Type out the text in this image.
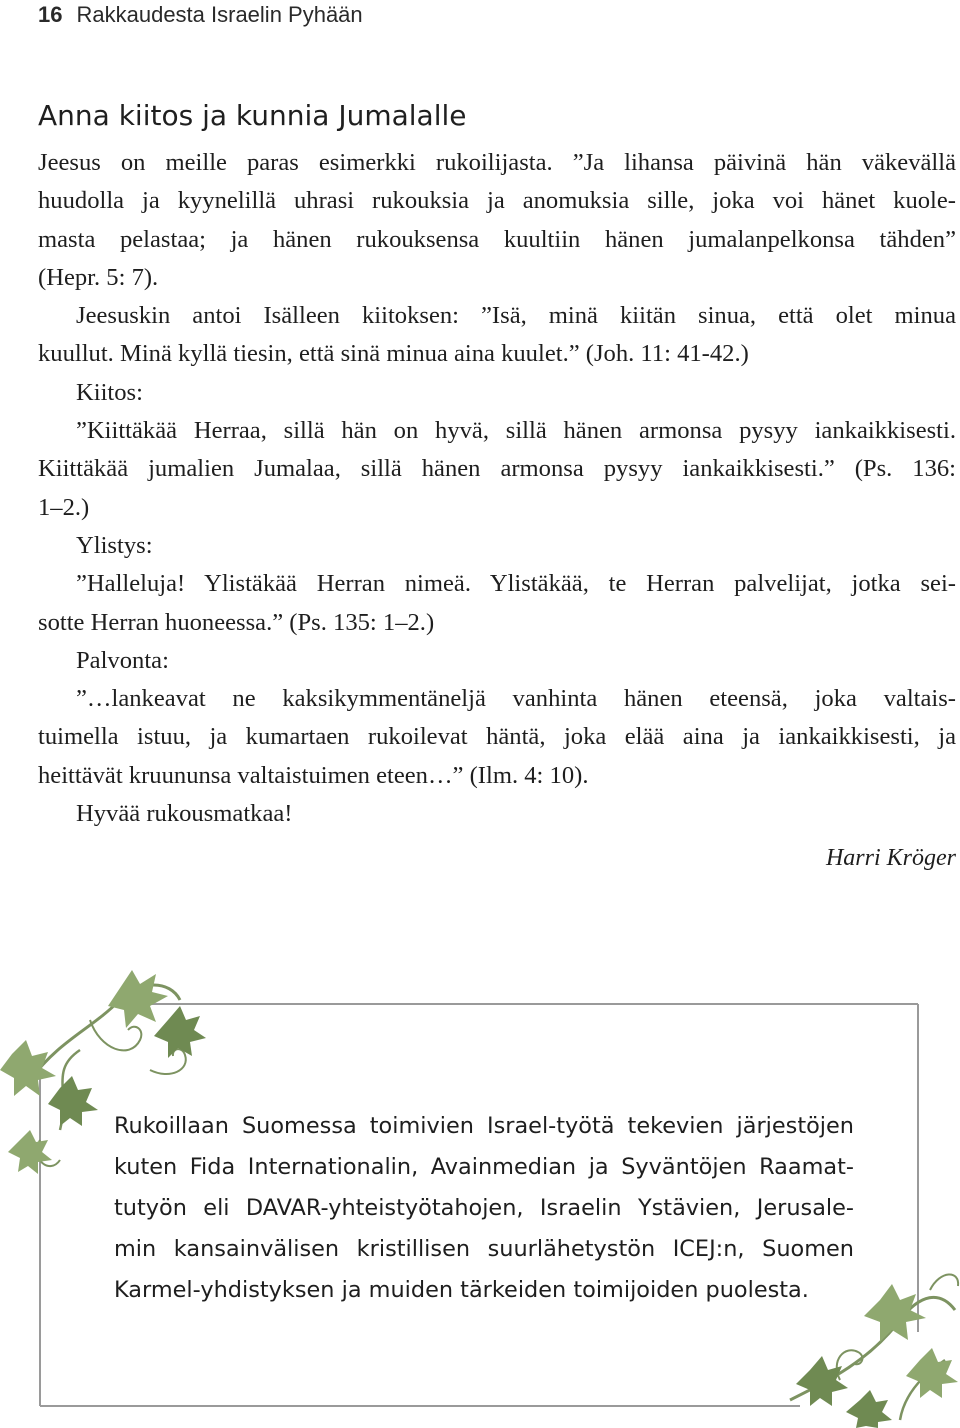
16 Rakkaudesta Israelin Pyhään
Anna kiitos ja kunnia Jumalalle
Jeesus on meille paras esimerkki rukoilijasta. ”Ja lihansa päivinä hän väkevällä
huudolla ja kyynelillä uhrasi rukouksia ja anomuksia sille, joka voi hänet kuole-
masta pelastaa; ja hänen rukouksensa kuultiin hänen jumalanpelkonsa tähden”
(Hepr. 5: 7).
Jeesuskin antoi Isälleen kiitoksen: ”Isä, minä kiitän sinua, että olet minua
kuullut. Minä kyllä tiesin, että sinä minua aina kuulet.” (Joh. 11: 41-42.)
Kiitos:
”Kiittäkää Herraa, sillä hän on hyvä, sillä hänen armonsa pysyy iankaikkisesti.
Kiittäkää jumalien Jumalaa, sillä hänen armonsa pysyy iankaikkisesti.” (Ps. 136:
1–2.)
Ylistys:
”Halleluja! Ylistäkää Herran nimeä. Ylistäkää, te Herran palvelijat, jotka sei-
sotte Herran huoneessa.” (Ps. 135: 1–2.)
Palvonta:
”…lankeavat ne kaksikymmentäneljä vanhinta hänen eteensä, joka valtais-
tuimella istuu, ja kumartaen rukoilevat häntä, joka elää aina ja iankaikkisesti, ja
heittävät kruununsa valtaistuimen eteen…” (Ilm. 4: 10).
Hyvää rukousmatkaa!
Harri Kröger
Rukoillaan Suomessa toimivien Israel-työtä tekevien järjestöjen
kuten Fida Internationalin, Avainmedian ja Syväntöjen Raamat-
tutyön eli DAVAR-yhteistyötahojen, Israelin Ystävien, Jerusale-
min kansainvälisen kristillisen suurlähetystön ICEJ:n, Suomen
Karmel-yhdistyksen ja muiden tärkeiden toimijoiden puolesta.
